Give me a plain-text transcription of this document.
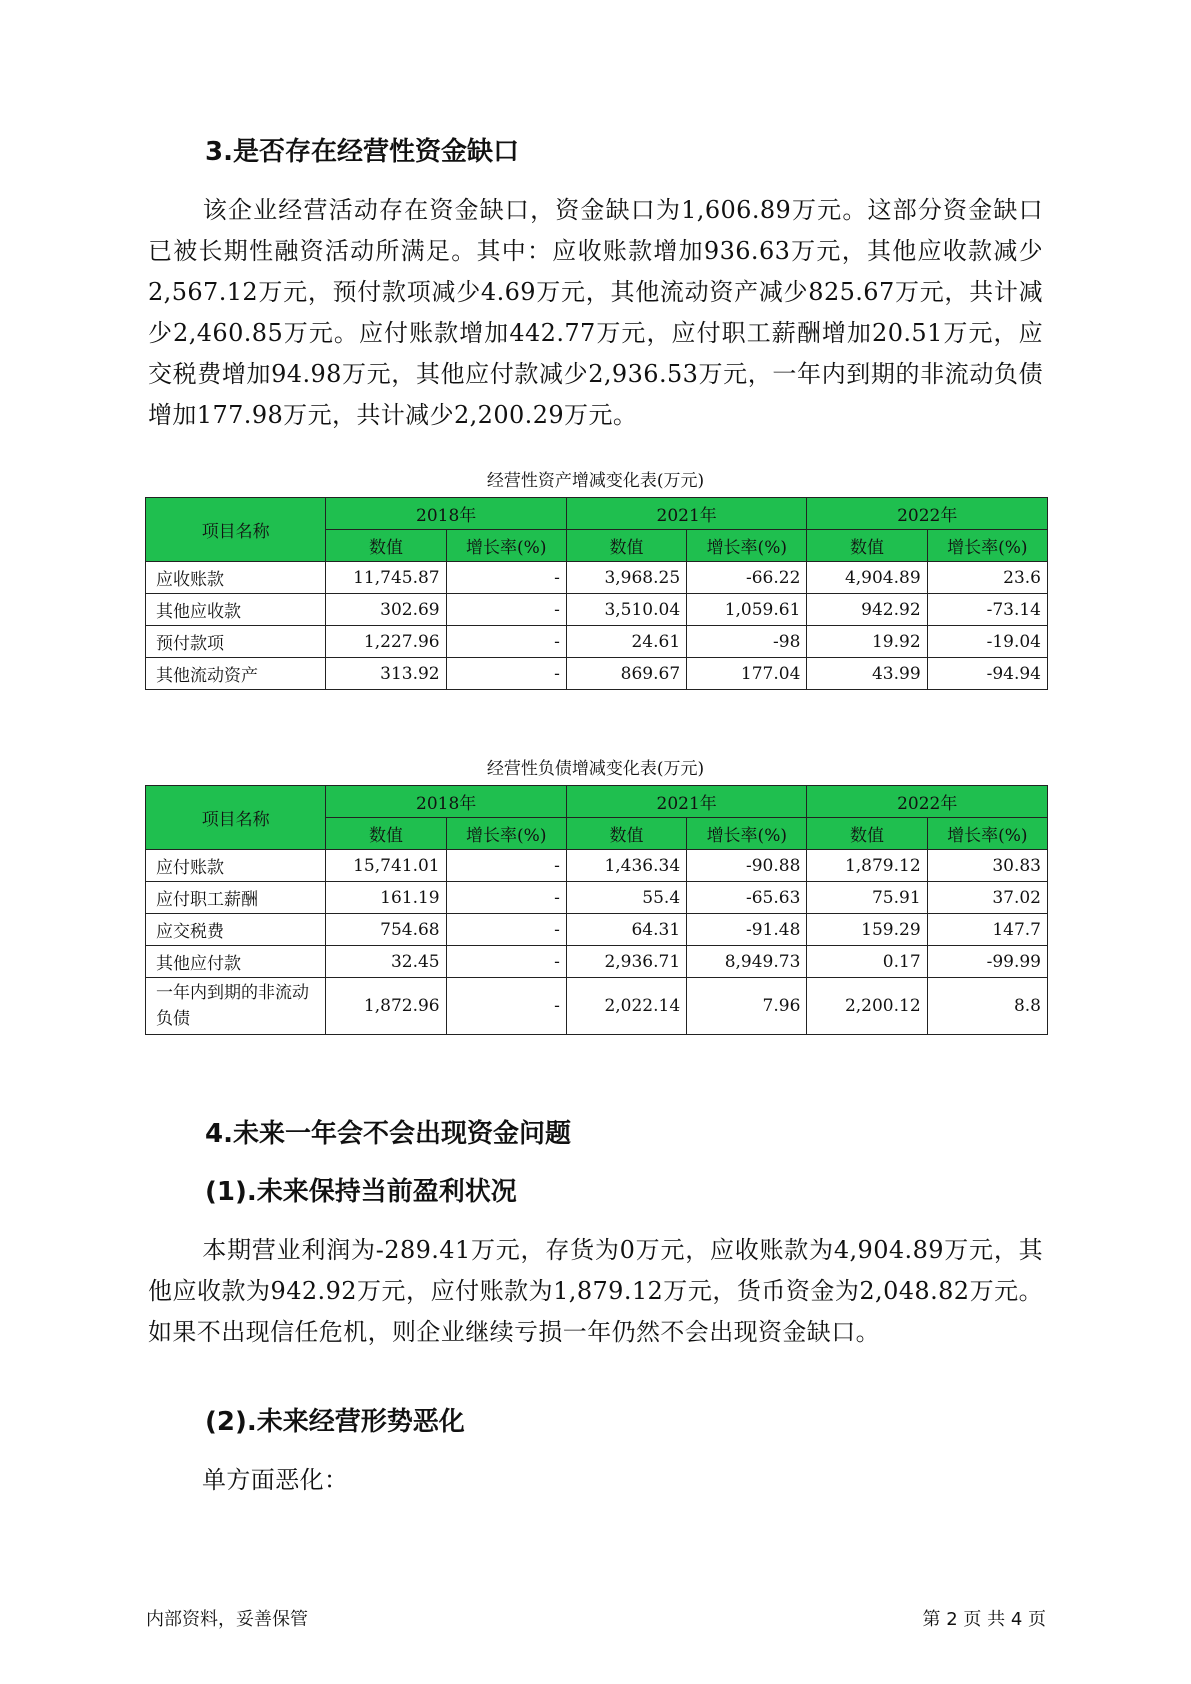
3.是否存在经营性资金缺口

该企业经营活动存在资金缺口，资金缺口为1,606.89万元。这部分资金缺口已被长期性融资活动所满足。其中：应收账款增加936.63万元，其他应收款减少2,567.12万元，预付款项减少4.69万元，其他流动资产减少825.67万元，共计减少2,460.85万元。应付账款增加442.77万元，应付职工薪酬增加20.51万元，应交税费增加94.98万元，其他应付款减少2,936.53万元，一年内到期的非流动负债增加177.98万元，共计减少2,200.29万元。

经营性资产增减变化表(万元)
项目名称	2018年		2021年		2022年	
	数值	增长率(%)	数值	增长率(%)	数值	增长率(%)
应收账款	11,745.87	-	3,968.25	-66.22	4,904.89	23.6
其他应收款	302.69	-	3,510.04	1,059.61	942.92	-73.14
预付款项	1,227.96	-	24.61	-98	19.92	-19.04
其他流动资产	313.92	-	869.67	177.04	43.99	-94.94
经营性负债增减变化表(万元)
项目名称	2018年		2021年		2022年	
	数值	增长率(%)	数值	增长率(%)	数值	增长率(%)
应付账款	15,741.01	-	1,436.34	-90.88	1,879.12	30.83
应付职工薪酬	161.19	-	55.4	-65.63	75.91	37.02
应交税费	754.68	-	64.31	-91.48	159.29	147.7
其他应付款	32.45	-	2,936.71	8,949.73	0.17	-99.99
一年内到期的非流动负债	1,872.96	-	2,022.14	7.96	2,200.12	8.8
4.未来一年会不会出现资金问题
(1).未来保持当前盈利状况

本期营业利润为-289.41万元，存货为0万元，应收账款为4,904.89万元，其他应收款为942.92万元，应付账款为1,879.12万元，货币资金为2,048.82万元。如果不出现信任危机，则企业继续亏损一年仍然不会出现资金缺口。

(2).未来经营形势恶化

单方面恶化：

内部资料，妥善保管	第 2 页 共 4 页
